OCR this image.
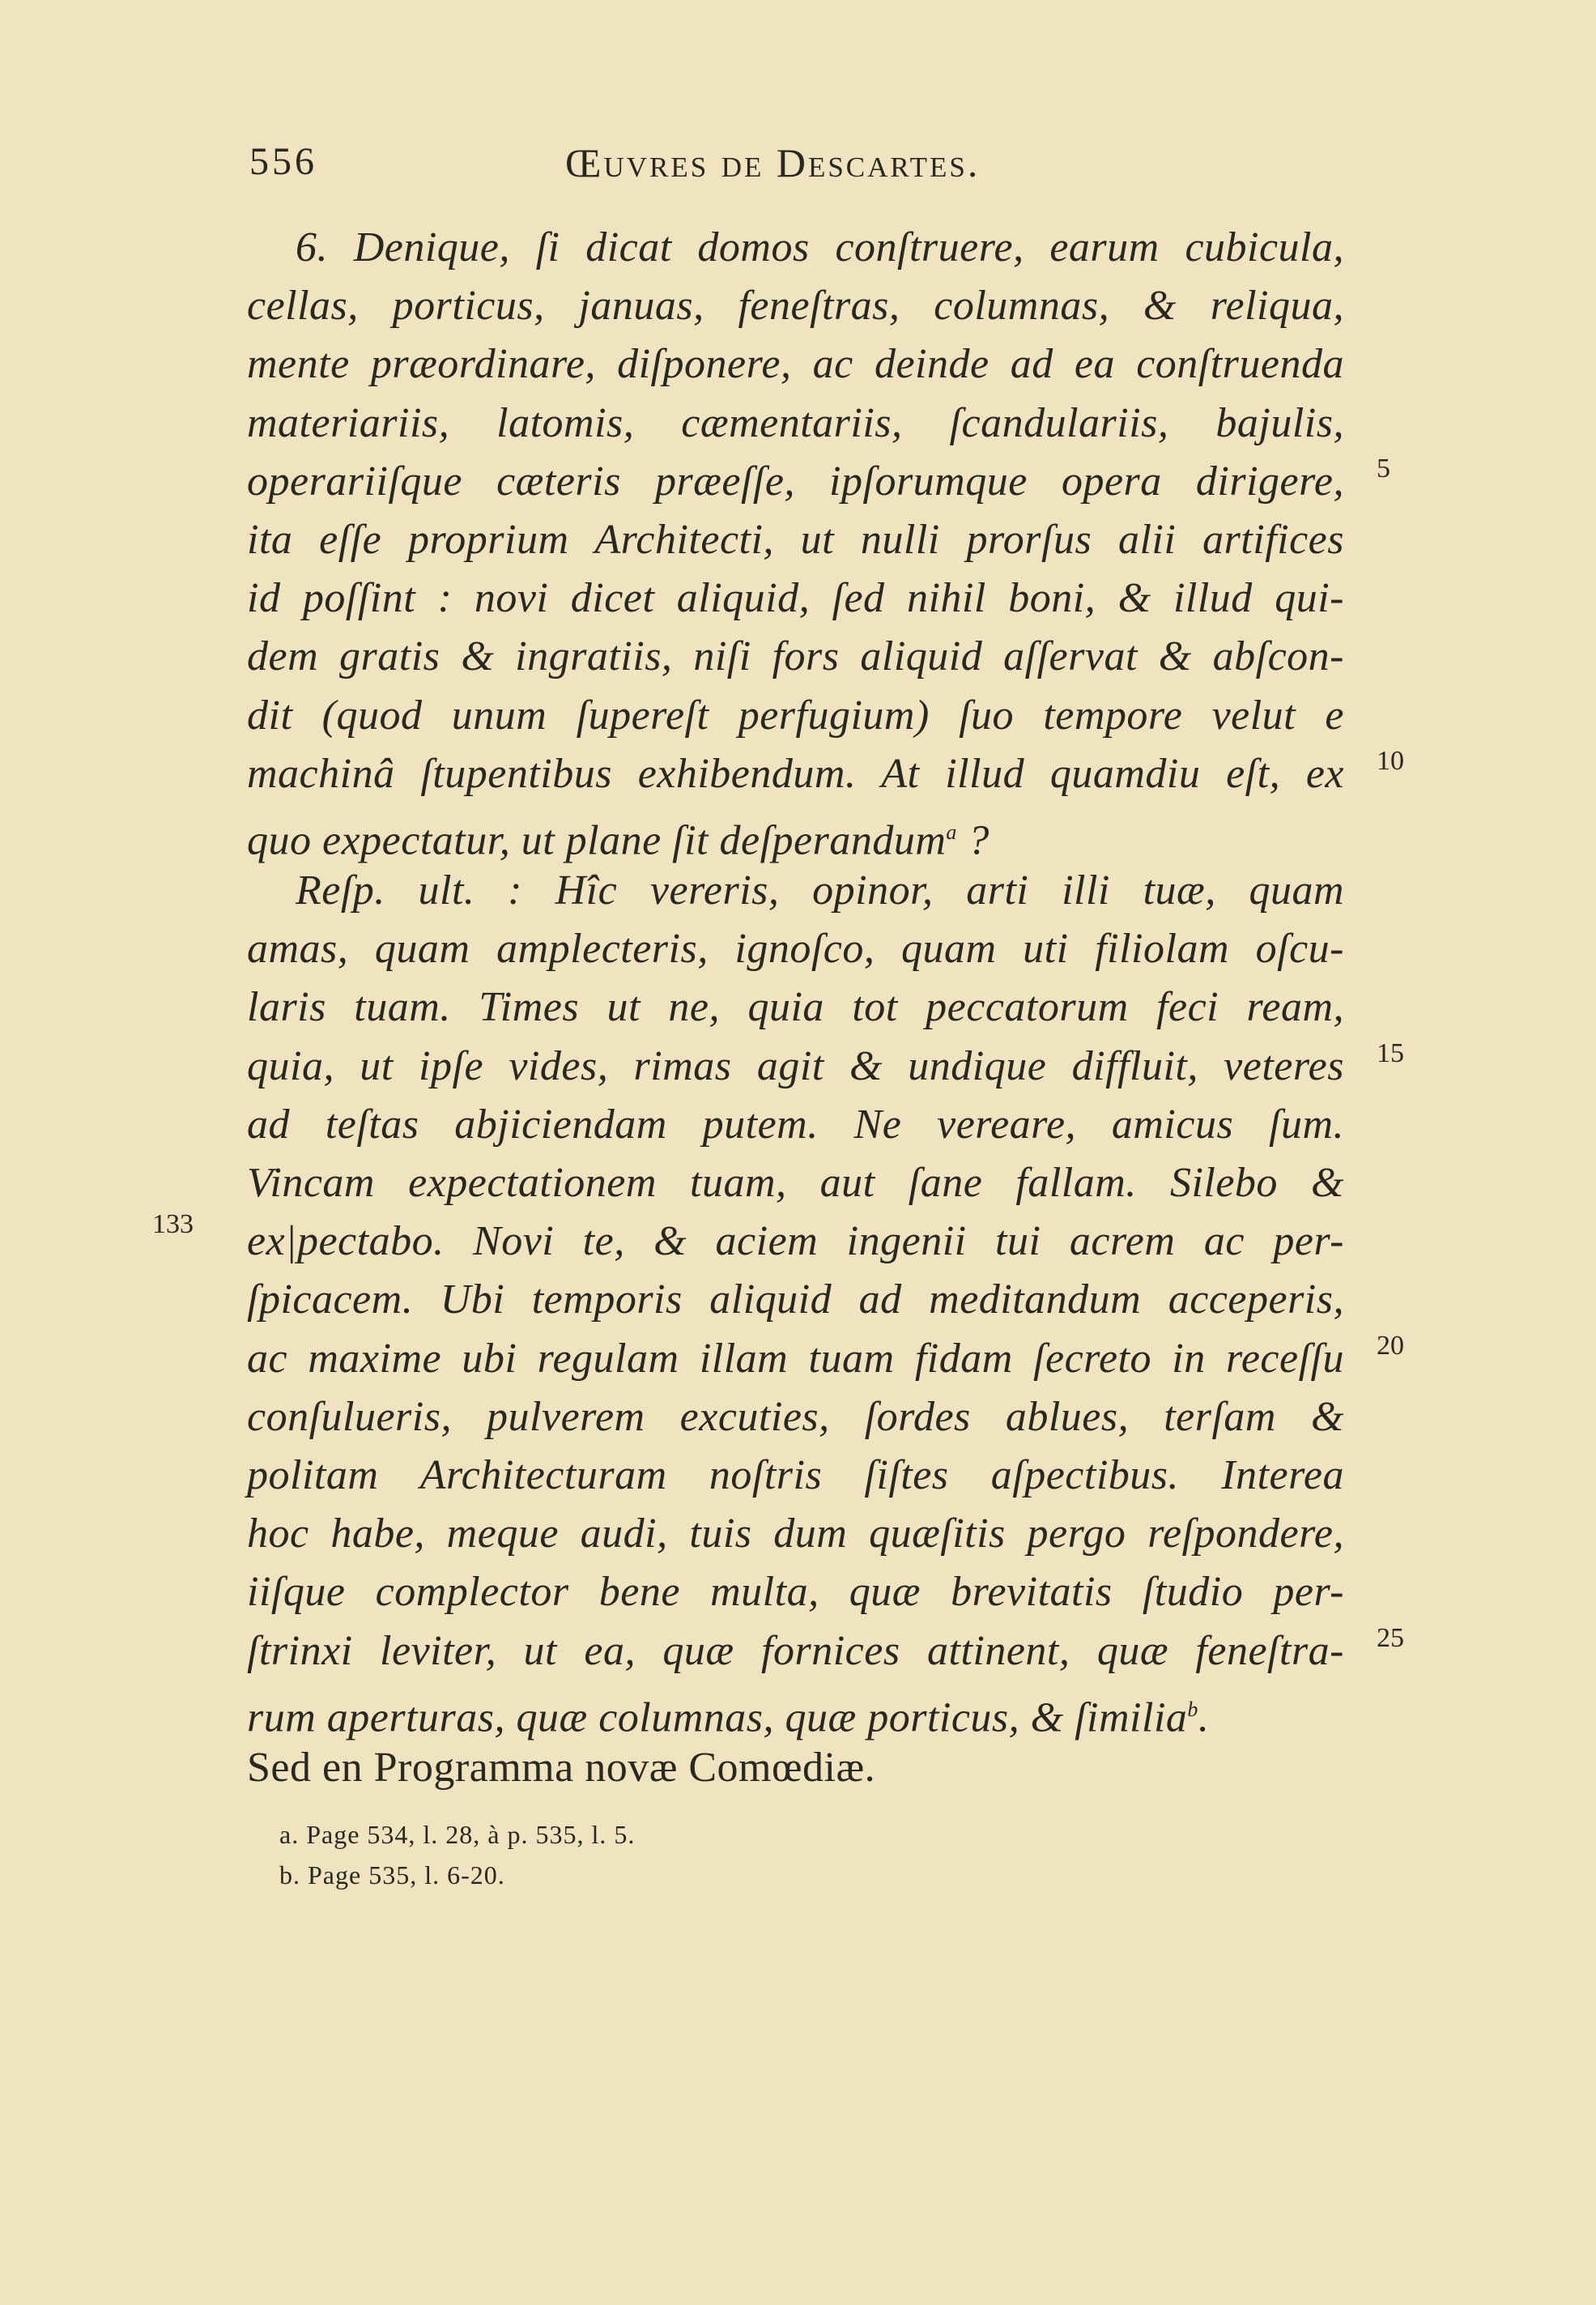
556	Œuvres de Descartes.
6. Denique, ſi dicat domos conſtruere, earum cubicula,
cellas, porticus, januas, feneſtras, columnas, & reliqua,
mente præordinare, diſponere, ac deinde ad ea conſtruenda
materiariis, latomis, cæmentariis, ſcandulariis, bajulis,
operariiſque cæteris præeſſe, ipſorumque opera dirigere,
ita eſſe proprium Architecti, ut nulli prorſus alii artifices
id poſſint : novi dicet aliquid, ſed nihil boni, & illud qui-
dem gratis & ingratiis, niſi fors aliquid aſſervat & abſcon-
dit (quod unum ſupereſt perfugium) ſuo tempore velut e
machinâ ſtupentibus exhibendum. At illud quamdiu eſt, ex
quo expectatur, ut plane ſit deſperandum$^a$ ?
Reſp. ult. : Hîc vereris, opinor, arti illi tuæ, quam
amas, quam amplecteris, ignoſco, quam uti filiolam oſcu-
laris tuam. Times ut ne, quia tot peccatorum feci ream,
quia, ut ipſe vides, rimas agit & undique diffluit, veteres
ad teſtas abjiciendam putem. Ne vereare, amicus ſum.
Vincam expectationem tuam, aut ſane fallam. Silebo &
ex|pectabo. Novi te, & aciem ingenii tui acrem ac per-
ſpicacem. Ubi temporis aliquid ad meditandum acceperis,
ac maxime ubi regulam illam tuam fidam ſecreto in receſſu
conſulueris, pulverem excuties, ſordes ablues, terſam &
politam Architecturam noſtris ſiſtes aſpectibus. Interea
hoc habe, meque audi, tuis dum quæſitis pergo reſpondere,
iiſque complector bene multa, quæ brevitatis ſtudio per-
ſtrinxi leviter, ut ea, quæ fornices attinent, quæ feneſtra-
rum aperturas, quæ columnas, quæ porticus, & ſimilia$^b$.
Sed en Programma novæ Comœdiæ.
5
10
15
20
25
133
a. Page 534, l. 28, à p. 535, l. 5.
b. Page 535, l. 6-20.
